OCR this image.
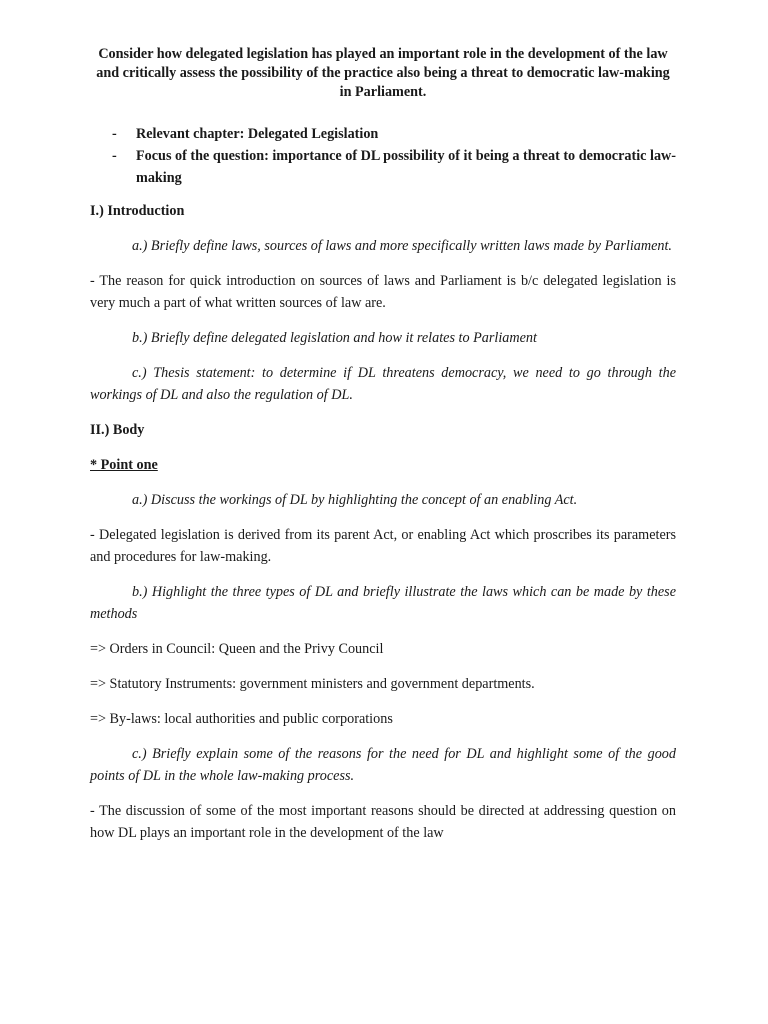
Consider how delegated legislation has played an important role in the development of the law and critically assess the possibility of the practice also being a threat to democratic law-making in Parliament.

- Relevant chapter: Delegated Legislation
- Focus of the question: importance of DL possibility of it being a threat to democratic law-making

I.) Introduction

a.) Briefly define laws, sources of laws and more specifically written laws made by Parliament.

- The reason for quick introduction on sources of laws and Parliament is b/c delegated legislation is very much a part of what written sources of law are.

b.) Briefly define delegated legislation and how it relates to Parliament

c.) Thesis statement: to determine if DL threatens democracy, we need to go through the workings of DL and also the regulation of DL.

II.) Body

* Point one

a.) Discuss the workings of DL by highlighting the concept of an enabling Act.

- Delegated legislation is derived from its parent Act, or enabling Act which proscribes its parameters and procedures for law-making.

b.) Highlight the three types of DL and briefly illustrate the laws which can be made by these methods

=> Orders in Council: Queen and the Privy Council

=> Statutory Instruments: government ministers and government departments.

=> By-laws: local authorities and public corporations

c.) Briefly explain some of the reasons for the need for DL and highlight some of the good points of DL in the whole law-making process.

- The discussion of some of the most important reasons should be directed at addressing question on how DL plays an important role in the development of the law
